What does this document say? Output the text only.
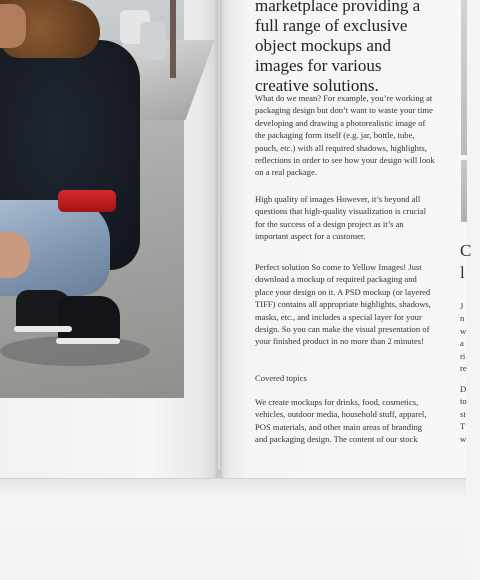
marketplace providing a full range of exclusive object mockups and images for various creative solutions.

What do we mean? For example, you’re working at packaging design but don’t want to waste your time developing and drawing a photorealistic image of the packaging form itself (e.g. jar, bottle, tube, pouch, etc.) with all required shadows, highlights, reflections in order to see how your design will look on a real package.

High quality of images However, it’s beyond all questions that high-quality visualization is crucial for the success of a design project as it’s an important aspect for a customer.

Perfect solution So come to Yellow Images! Just download a mockup of required packaging and place your design on it. A PSD mockup (or layered TIFF) contains all appropriate highlights, shadows, masks, etc., and includes a special layer for your design. So you can make the visual presentation of your finished product in no more than 2 minutes!

Covered topics

We create mockups for drinks, food, cosmetics, vehicles, outdoor media, household stuff, apparel, POS materials, and other main areas of branding and packaging design. The content of our stock

C
l

J
n
w
a
ri
re

D
to
st
T
w
